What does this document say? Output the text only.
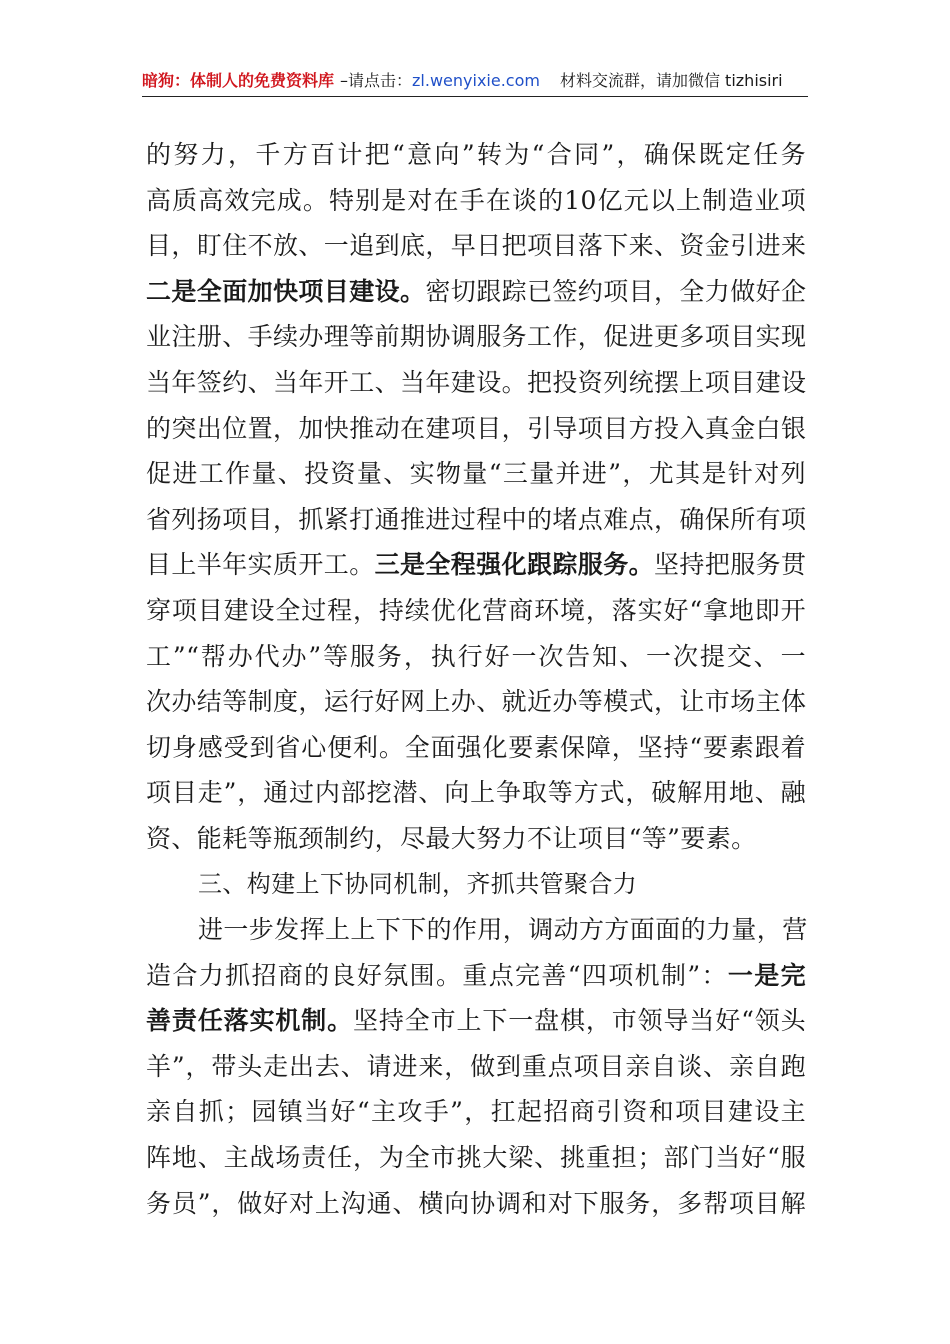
暗狗：体制人的免费资料库 –请点击： zl.wenyixie.com 材料交流群，请加微信 tizhisiri
的努力，千方百计把“意向”转为“合同”，确保既定任务
高质高效完成。特别是对在手在谈的10亿元以上制造业项
目，盯住不放、一追到底，早日把项目落下来、资金引进来
二是全面加快项目建设。密切跟踪已签约项目，全力做好企
业注册、手续办理等前期协调服务工作，促进更多项目实现
当年签约、当年开工、当年建设。把投资列统摆上项目建设
的突出位置，加快推动在建项目，引导项目方投入真金白银
促进工作量、投资量、实物量“三量并进”，尤其是针对列
省列扬项目，抓紧打通推进过程中的堵点难点，确保所有项
目上半年实质开工。三是全程强化跟踪服务。坚持把服务贯
穿项目建设全过程，持续优化营商环境，落实好“拿地即开
工”“帮办代办”等服务，执行好一次告知、一次提交、一
次办结等制度，运行好网上办、就近办等模式，让市场主体
切身感受到省心便利。全面强化要素保障，坚持“要素跟着
项目走”，通过内部挖潜、向上争取等方式，破解用地、融
资、能耗等瓶颈制约，尽最大努力不让项目“等”要素。
三、构建上下协同机制，齐抓共管聚合力
进一步发挥上上下下的作用，调动方方面面的力量，营
造合力抓招商的良好氛围。重点完善“四项机制”：一是完
善责任落实机制。坚持全市上下一盘棋，市领导当好“领头
羊”，带头走出去、请进来，做到重点项目亲自谈、亲自跑
亲自抓；园镇当好“主攻手”，扛起招商引资和项目建设主
阵地、主战场责任，为全市挑大梁、挑重担；部门当好“服
务员”，做好对上沟通、横向协调和对下服务，多帮项目解
